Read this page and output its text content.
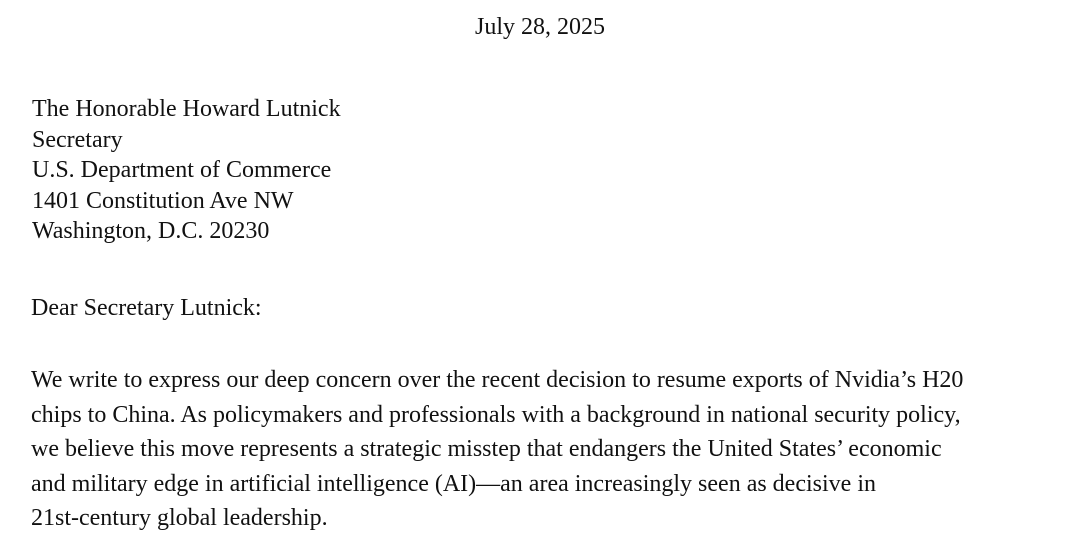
July 28, 2025
The Honorable Howard Lutnick
Secretary
U.S. Department of Commerce
1401 Constitution Ave NW
Washington, D.C. 20230
Dear Secretary Lutnick:
We write to express our deep concern over the recent decision to resume exports of Nvidia’s H20
chips to China. As policymakers and professionals with a background in national security policy,
we believe this move represents a strategic misstep that endangers the United States’ economic
and military edge in artificial intelligence (AI)—an area increasingly seen as decisive in
21st-century global leadership.
